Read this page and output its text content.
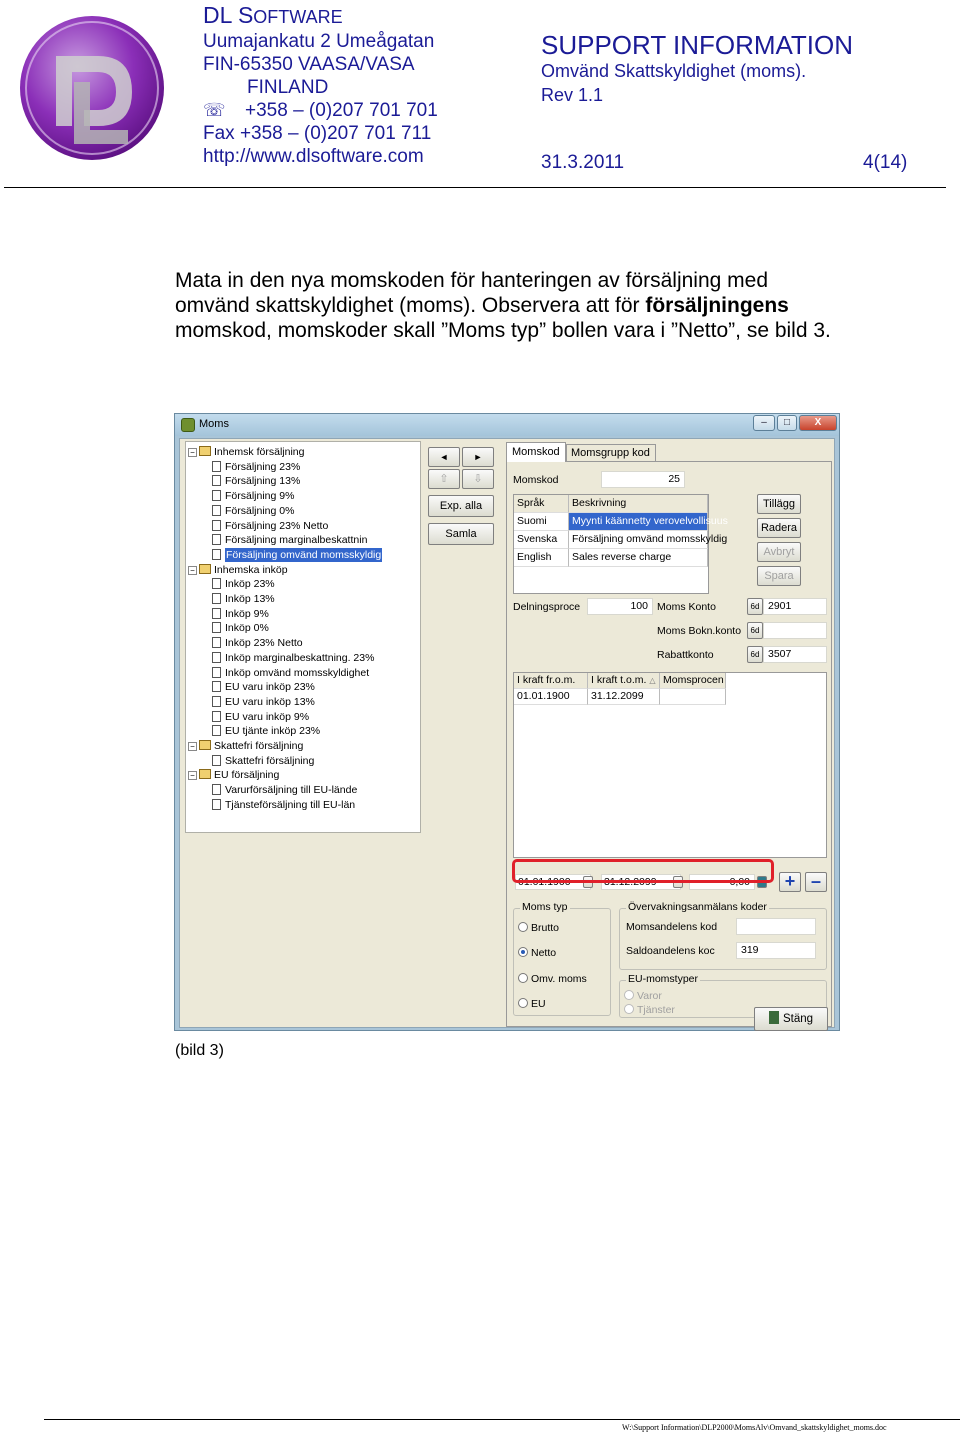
DL SOFTWARE
Uumajankatu 2 Umeågatan
FIN-65350 VAASA/VASA
FINLAND
☏ +358 – (0)207 701 701
Fax +358 – (0)207 701 711
http://www.dlsoftware.com
SUPPORT INFORMATION
Omvänd Skattskyldighet (moms).
Rev 1.1
31.3.2011	4(14)

Mata in den nya momskoden för hanteringen av försäljning med omvänd skattskyldighet (moms). Observera att för försäljningens momskod, momskoder skall ”Moms typ” bollen vara i ”Netto”, se bild 3.

Moms	–	□	X
− Inhemsk försäljning
Försäljning 23%
Försäljning 13%
Försäljning 9%
Försäljning 0%
Försäljning 23% Netto
Försäljning marginalbeskattnin
Försäljning omvänd momsskyldig
− Inhemska inköp
Inköp 23%
Inköp 13%
Inköp 9%
Inköp 0%
Inköp 23% Netto
Inköp marginalbeskattning. 23%
Inköp omvänd momsskyldighet
EU varu inköp 23%
EU varu inköp 13%
EU varu inköp 9%
EU tjänte inköp 23%
− Skattefri försäljning
Skattefri försäljning
− EU försäljning
Varurförsäljning till EU-lände
Tjänsteförsäljning till EU-län
◄	►
⇧	⇩
Exp. alla
Samla
Momskod	Momsgrupp kod
Momskod	25
Språk	Beskrivning
Suomi	Myynti käännetty verovelvollisuus
Svenska	Försäljning omvänd momsskyldig
English	Sales reverse charge
Tillägg
Radera
Avbryt
Spara
Delningsproce	100 Moms Konto	6d 2901
Moms Bokn.konto	6d
Rabattkonto	6d 3507
I kraft fr.o.m.	I kraft t.o.m. △ Momsprocen
01.01.1900	31.12.2099
01.01.1900	31.12.2099	0,00	+ –
Moms typ
Brutto
Netto
Omv. moms
EU
Övervakningsanmälans koder
Momsandelens kod
Saldoandelens koc	319
EU-momstyper
Varor
Tjänster
Stäng
(bild 3)
W:\Support Information\DLP2000\MomsAlv\Omvand_skattskyldighet_moms.doc
